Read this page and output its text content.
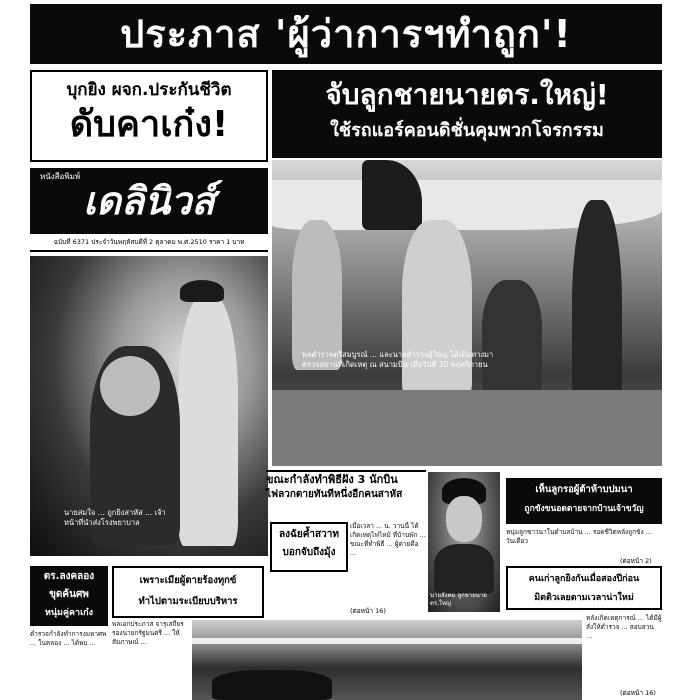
ประภาส 'ผู้ว่าการฯทำถูก'!
บุกยิง ผจก.ประกันชีวิต
ดับคาเก๋ง!
จับลูกชายนายตร.ใหญ่!
ใช้รถแอร์คอนดิชั่นคุมพวกโจรกรรม
หนังสือพิมพ์
เดลินิวส์
ฉบับที่ 6371 ประจำวันพฤหัสบดีที่ 2 ตุลาคม พ.ศ.2510 ราคา 1 บาท
นายสมใจ ... ถูกยิงสาหัส ... เจ้าหน้าที่นำส่งโรงพยาบาล
พลตำรวจตรีสมบูรณ์ ... และนายตำรวจผู้ใหญ่ ได้เดินทางมาตรวจสถานที่เกิดเหตุ ณ สนามบิน เมื่อวันที่ 30 พฤศจิกายน
ขณะกำลังทำพิธีฝัง 3 นักบิน
ไฟลวกตายทันทีหนึ่งอีกคนสาหัส
ลงฉัยค้ำสวาท
บอกจับถึงมุ้ง
เมื่อเวลา ... น. วานนี้ ได้เกิดเหตุไฟไหม้ ที่บ้านพัก ... ขณะที่ทำพิธี ... ผู้ตายคือ ...
(ต่อหน้า 16)
นายสังคม ลูกชายนายตร.ใหญ่
เห็นลูกรอผู้ต้าห้าบปมนา
ถูกขังขนอดตายจากบ้านเจ้าขวัญ
หนุ่มลูกชาวนาในตำบลบ้าน ... รอดชีวิตหลังถูกขัง ... วันเดียว
(ต่อหน้า 2)
คนเก่าลูกยิงกันเมื่อสองปีก่อน
มิตติวเลยตามเวลาน่าใหม่
ตร.ลงคลอง
ขุดค้นศพ
หนุ่มคู่คาเก๋ง
ตำรวจกำลังทำการงมหาศพ ... ในคลอง ... ได้พบ ...
เพราะเมียผู้ตายร้องทุกข์
ทำไปตามระเบียบบริหาร
พลเอกประภาส จารุเสถียร รองนายกรัฐมนตรี ... ให้สัมภาษณ์ ...
หลังเกิดเหตุการณ์ ... ได้มีผู้สั่งให้ตำรวจ ... สอบสวน ...
(ต่อหน้า 16)
